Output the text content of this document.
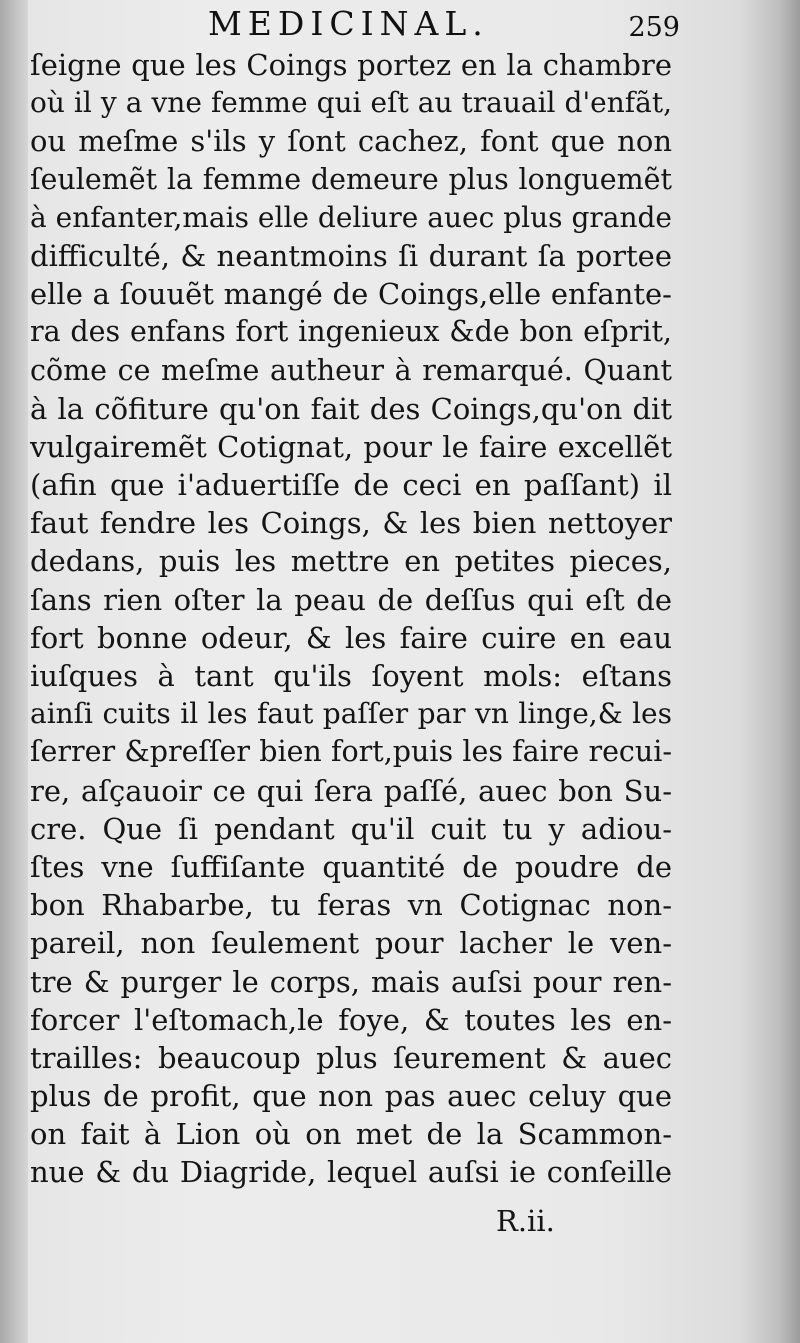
MEDICINAL.	259
ſeigne que les Coings portez en la chambre
où il y a vne femme qui eſt au trauail d'enfãt,
ou meſme s'ils y ſont cachez, font que non
ſeulemẽt la femme demeure plus longuemẽt
à enfanter,mais elle deliure auec plus grande
difficulté, & neantmoins ſi durant ſa portee
elle a ſouuẽt mangé de Coings,elle enfante-
ra des enfans fort ingenieux &de bon eſprit,
cõme ce meſme autheur à remarqué. Quant
à la cõfiture qu'on fait des Coings,qu'on dit
vulgairemẽt Cotignat, pour le faire excellẽt
(afin que i'aduertiſſe de ceci en paſſant) il
faut fendre les Coings, & les bien nettoyer
dedans, puis les mettre en petites pieces,
ſans rien oſter la peau de deſſus qui eſt de
fort bonne odeur, & les faire cuire en eau
iuſques à tant qu'ils ſoyent mols: eſtans
ainſi cuits il les faut paſſer par vn linge,& les
ſerrer &preſſer bien fort,puis les faire recui-
re, aſçauoir ce qui ſera paſſé, auec bon Su-
cre. Que ſi pendant qu'il cuit tu y adiou-
ſtes vne ſuffiſante quantité de poudre de
bon Rhabarbe, tu feras vn Cotignac non-
pareil, non ſeulement pour lacher le ven-
tre & purger le corps, mais auſsi pour ren-
forcer l'eſtomach,le foye, & toutes les en-
trailles: beaucoup plus ſeurement & auec
plus de profit, que non pas auec celuy que
on fait à Lion où on met de la Scammon-
nue & du Diagride, lequel auſsi ie conſeille
R.ii.
